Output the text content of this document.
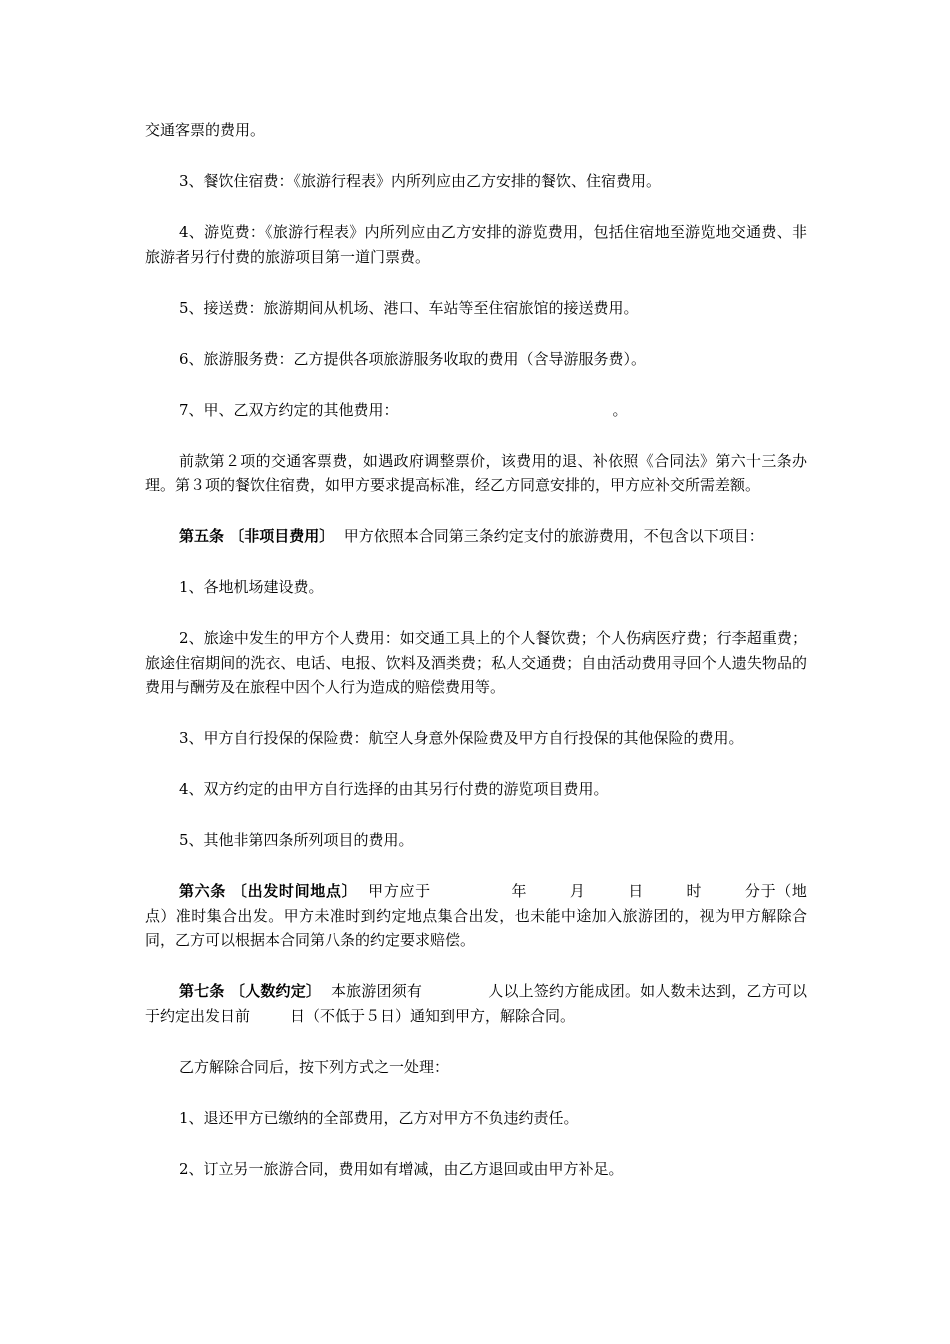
交通客票的费用。

3、餐饮住宿费：《旅游行程表》内所列应由乙方安排的餐饮、住宿费用。

4、游览费：《旅游行程表》内所列应由乙方安排的游览费用，包括住宿地至游览地交通费、非旅游者另行付费的旅游项目第一道门票费。

5、接送费：旅游期间从机场、港口、车站等至住宿旅馆的接送费用。

6、旅游服务费：乙方提供各项旅游服务收取的费用（含导游服务费）。

7、甲、乙双方约定的其他费用：	。

前款第２项的交通客票费，如遇政府调整票价，该费用的退、补依照《合同法》第六十三条办理。第３项的餐饮住宿费，如甲方要求提高标准，经乙方同意安排的，甲方应补交所需差额。

第五条 〔非项目费用〕 甲方依照本合同第三条约定支付的旅游费用，不包含以下项目：

1、各地机场建设费。

2、旅途中发生的甲方个人费用：如交通工具上的个人餐饮费；个人伤病医疗费；行李超重费；旅途住宿期间的洗衣、电话、电报、饮料及酒类费；私人交通费；自由活动费用寻回个人遗失物品的费用与酬劳及在旅程中因个人行为造成的赔偿费用等。

3、甲方自行投保的保险费：航空人身意外保险费及甲方自行投保的其他保险的费用。

4、双方约定的由甲方自行选择的由其另行付费的游览项目费用。

5、其他非第四条所列项目的费用。

第六条 〔出发时间地点〕 甲方应于	年	月	日	时	分于（地点）准时集合出发。甲方未准时到约定地点集合出发，也未能中途加入旅游团的，视为甲方解除合同，乙方可以根据本合同第八条的约定要求赔偿。

第七条 〔人数约定〕 本旅游团须有	人以上签约方能成团。如人数未达到，乙方可以于约定出发日前	日（不低于５日）通知到甲方，解除合同。

乙方解除合同后，按下列方式之一处理：

1、退还甲方已缴纳的全部费用，乙方对甲方不负违约责任。

2、订立另一旅游合同，费用如有增减，由乙方退回或由甲方补足。
